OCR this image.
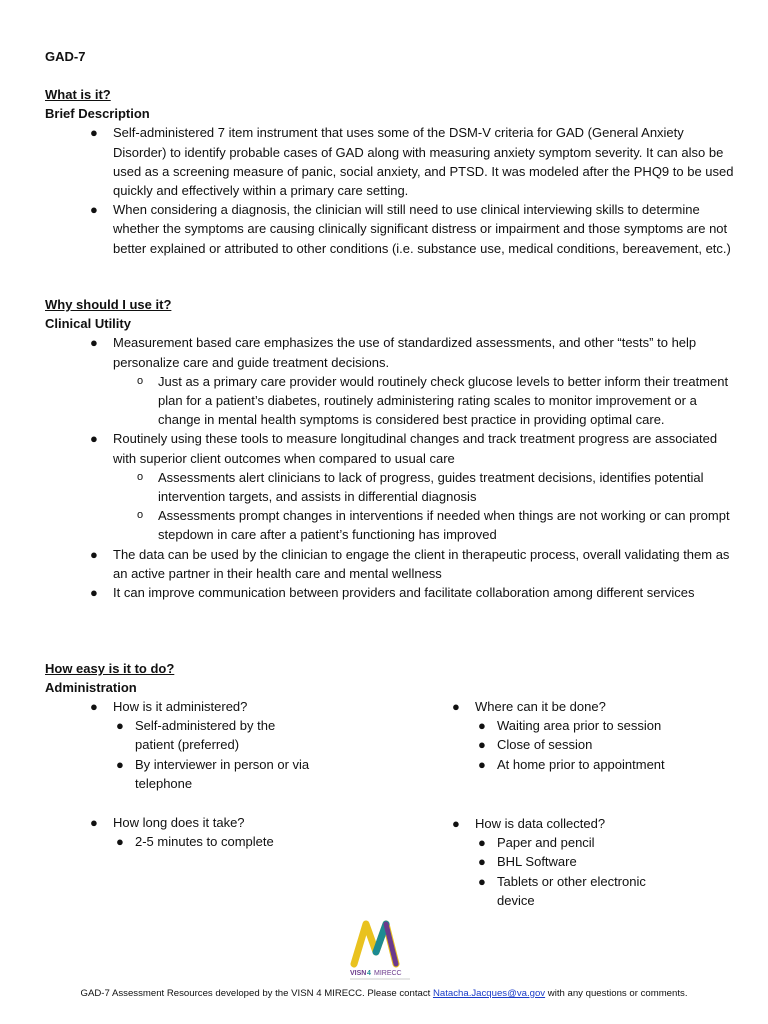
GAD-7
What is it?
Brief Description
● Self-administered 7 item instrument that uses some of the DSM-V criteria for GAD (General Anxiety Disorder) to identify probable cases of GAD along with measuring anxiety symptom severity. It can also be used as a screening measure of panic, social anxiety, and PTSD. It was modeled after the PHQ9 to be used quickly and effectively within a primary care setting.
● When considering a diagnosis, the clinician will still need to use clinical interviewing skills to determine whether the symptoms are causing clinically significant distress or impairment and those symptoms are not better explained or attributed to other conditions (i.e. substance use, medical conditions, bereavement, etc.)
Why should I use it?
Clinical Utility
● Measurement based care emphasizes the use of standardized assessments, and other “tests” to help personalize care and guide treatment decisions.
o Just as a primary care provider would routinely check glucose levels to better inform their treatment plan for a patient’s diabetes, routinely administering rating scales to monitor improvement or a change in mental health symptoms is considered best practice in providing optimal care.
● Routinely using these tools to measure longitudinal changes and track treatment progress are associated with superior client outcomes when compared to usual care
o Assessments alert clinicians to lack of progress, guides treatment decisions, identifies potential intervention targets, and assists in differential diagnosis
o Assessments prompt changes in interventions if needed when things are not working or can prompt stepdown in care after a patient’s functioning has improved
● The data can be used by the clinician to engage the client in therapeutic process, overall validating them as an active partner in their health care and mental wellness
● It can improve communication between providers and facilitate collaboration among different services
How easy is it to do?
Administration
● How is it administered?
● Self-administered by the patient (preferred)
● By interviewer in person or via telephone
● Where can it be done?
● Waiting area prior to session
● Close of session
● At home prior to appointment
● How long does it take?
● 2-5 minutes to complete
● How is data collected?
● Paper and pencil
● BHL Software
● Tablets or other electronic device
VISN 4 MIRECC
GAD-7 Assessment Resources developed by the VISN 4 MIRECC. Please contact Natacha.Jacques@va.gov with any questions or comments.
